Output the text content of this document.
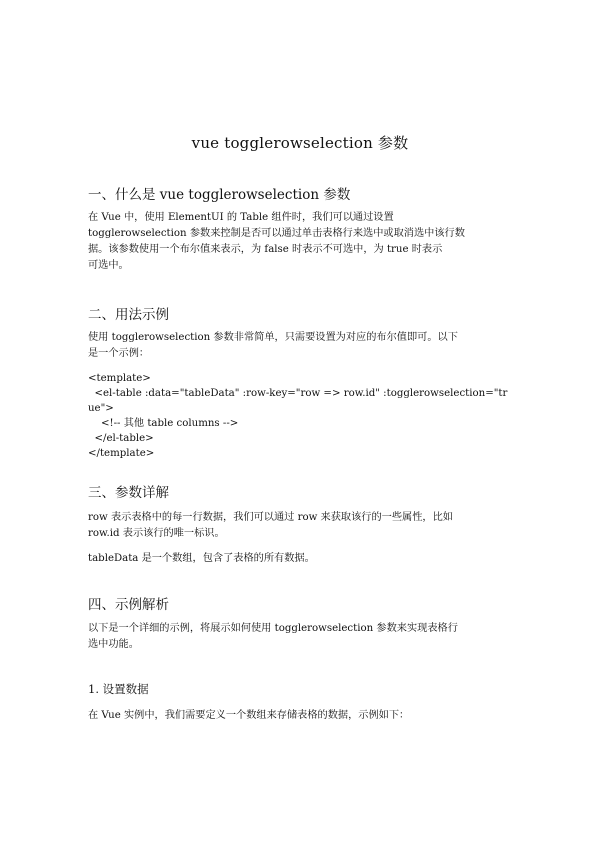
vue togglerowselection 参数
一、什么是 vue togglerowselection 参数
在 Vue 中，使用 ElementUI 的 Table 组件时，我们可以通过设置
togglerowselection 参数来控制是否可以通过单击表格行来选中或取消选中该行数
据。该参数使用一个布尔值来表示，为 false 时表示不可选中，为 true 时表示
可选中。
二、用法示例
使用 togglerowselection 参数非常简单，只需要设置为对应的布尔值即可。以下
是一个示例：
<template>
<el-table :data="tableData" :row-key="row => row.id" :togglerowselection="tr
ue">
<!-- 其他 table columns -->
</el-table>
</template>
三、参数详解
row 表示表格中的每一行数据，我们可以通过 row 来获取该行的一些属性，比如
row.id 表示该行的唯一标识。
tableData 是一个数组，包含了表格的所有数据。
四、示例解析
以下是一个详细的示例，将展示如何使用 togglerowselection 参数来实现表格行
选中功能。
1. 设置数据
在 Vue 实例中，我们需要定义一个数组来存储表格的数据，示例如下：
